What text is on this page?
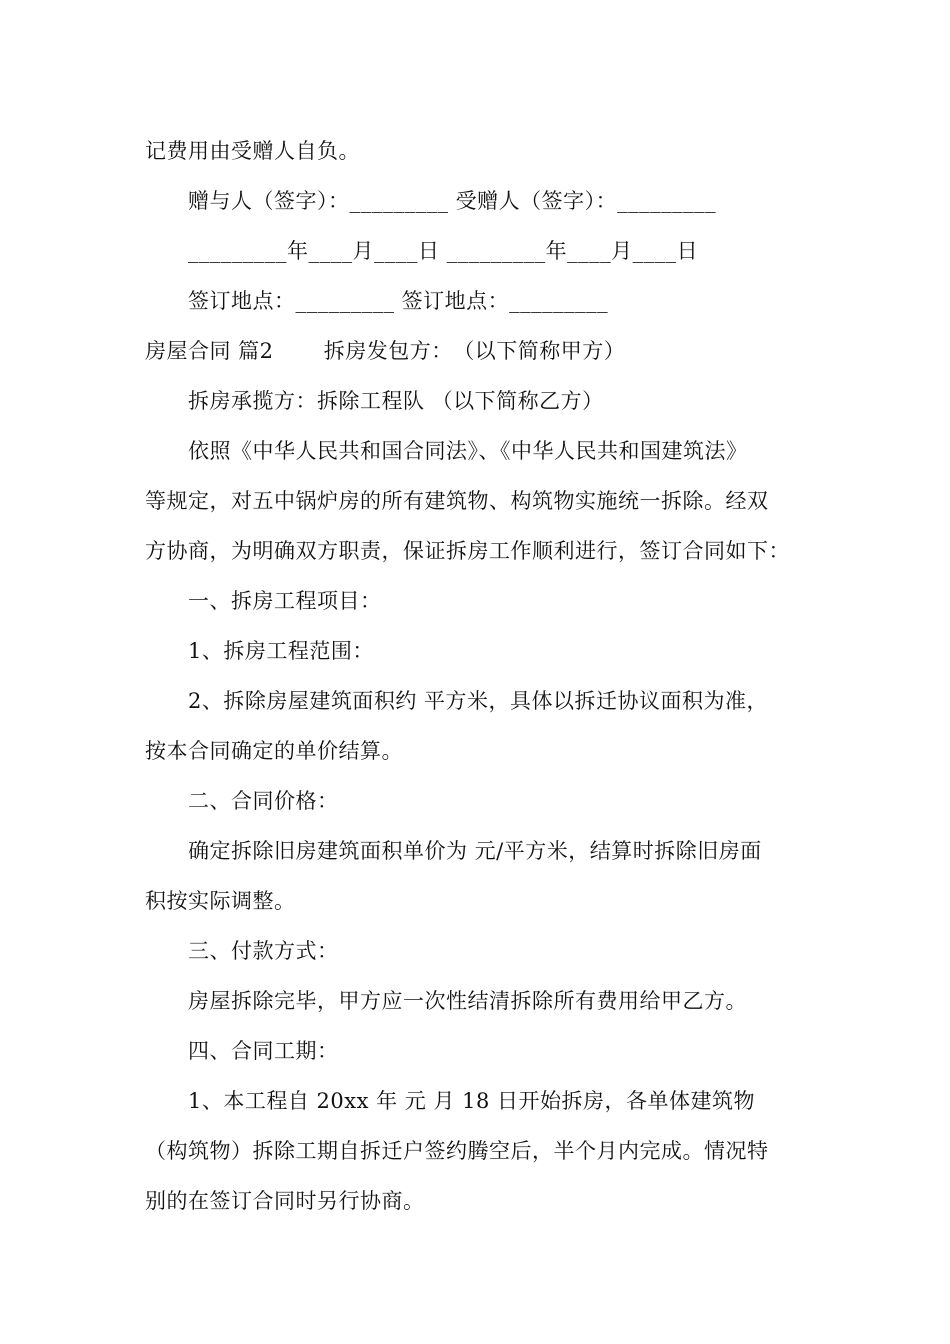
记费用由受赠人自负。
赠与人（签字）：_________ 受赠人（签字）：_________
_________年____月____日 _________年____月____日
签订地点：_________ 签订地点：_________
房屋合同 篇2　　 拆房发包方：　（以下简称甲方）
拆房承揽方：拆除工程队 （以下简称乙方）
依照《中华人民共和国合同法》、《中华人民共和国建筑法》
等规定，对五中锅炉房的所有建筑物、构筑物实施统一拆除。经双
方协商，为明确双方职责，保证拆房工作顺利进行，签订合同如下：
一、拆房工程项目：
1、拆房工程范围：
2、拆除房屋建筑面积约 平方米，具体以拆迁协议面积为准，
按本合同确定的单价结算。
二、合同价格：
确定拆除旧房建筑面积单价为 元/平方米，结算时拆除旧房面
积按实际调整。
三、付款方式：
房屋拆除完毕，甲方应一次性结清拆除所有费用给甲乙方。
四、合同工期：
1、本工程自 20xx 年 元 月 18 日开始拆房，各单体建筑物
（构筑物）拆除工期自拆迁户签约腾空后，半个月内完成。情况特
别的在签订合同时另行协商。
